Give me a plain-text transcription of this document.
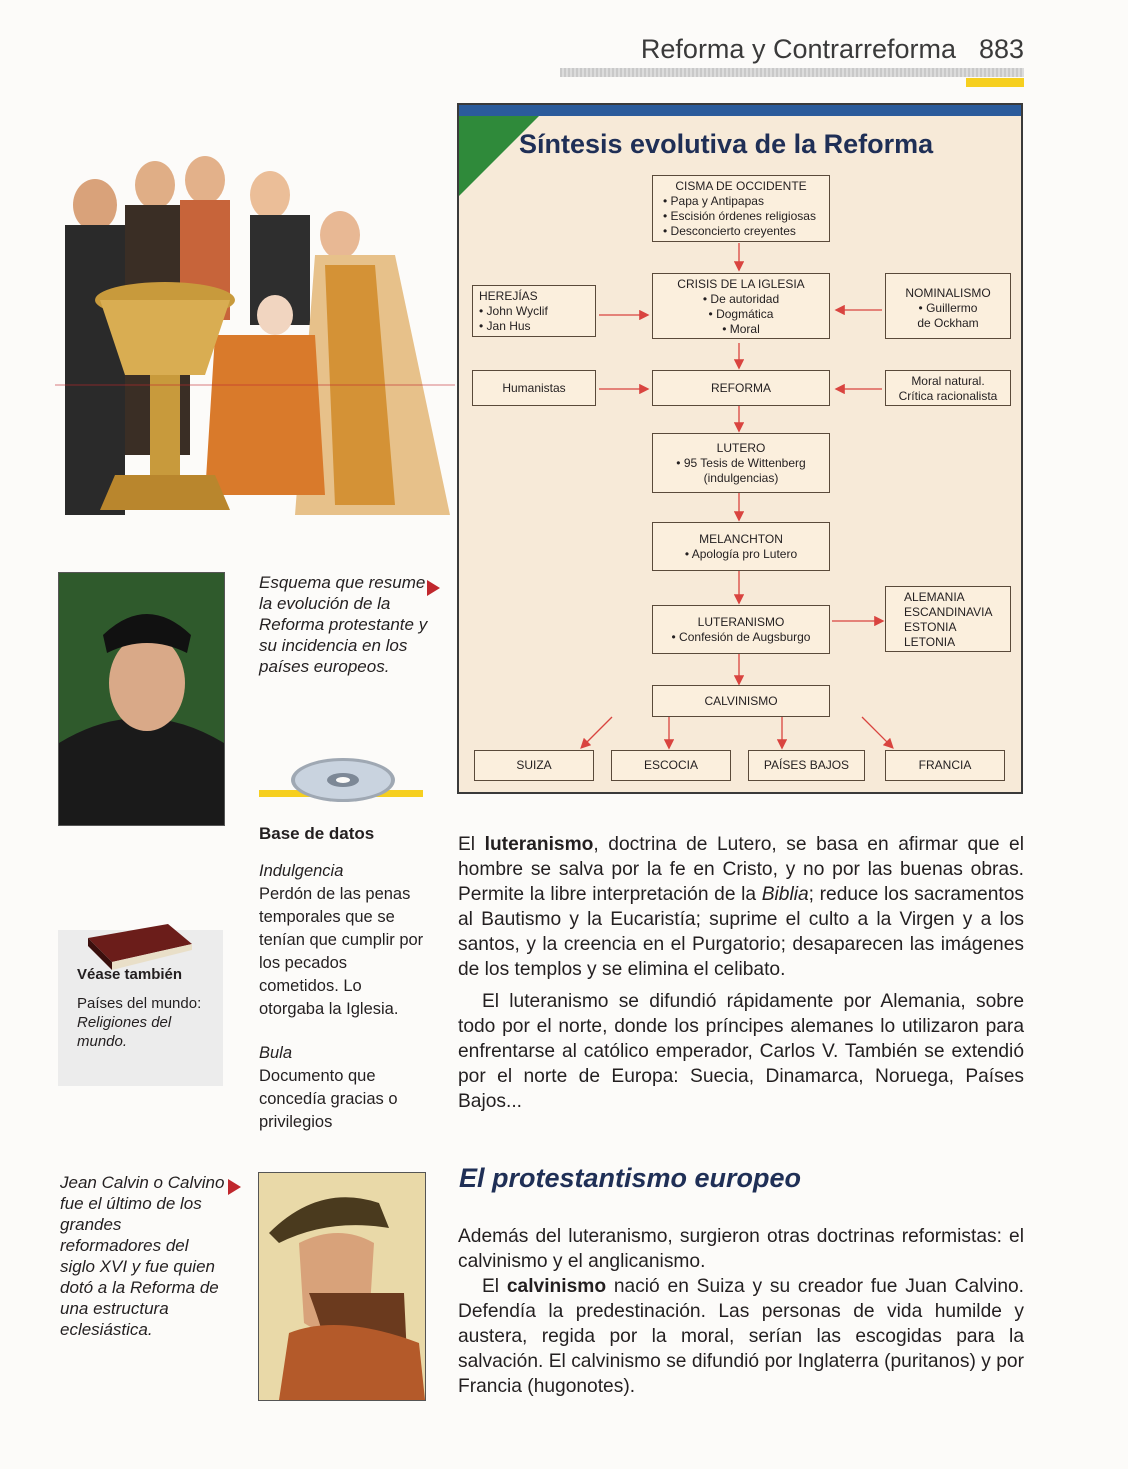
Reforma y Contrarreforma 883
Síntesis evolutiva de la Reforma
CISMA DE OCCIDENTE
• Papa y Antipapas
• Escisión órdenes religiosas
• Desconcierto creyentes
HEREJÍAS
• John Wyclif
• Jan Hus
CRISIS DE LA IGLESIA
• De autoridad
• Dogmática
• Moral
NOMINALISMO
• Guillermo
de Ockham
Humanistas	REFORMA	Moral natural.
Crítica racionalista
LUTERO
• 95 Tesis de Wittenberg
(indulgencias)
MELANCHTON
• Apología pro Lutero
LUTERANISMO
• Confesión de Augsburgo
ALEMANIA
ESCANDINAVIA
ESTONIA
LETONIA
CALVINISMO
SUIZA	ESCOCIA	PAÍSES BAJOS	FRANCIA
Esquema que resume la evolución de la Reforma protestante y su incidencia en los países europeos.
Base de datos
Indulgencia
Perdón de las penas temporales que se tenían que cumplir por los pecados cometidos. Lo otorgaba la Iglesia.
Bula
Documento que concedía gracias o privilegios
Véase también
Países del mundo:
Religiones del mundo.
Jean Calvin o Calvino fue el último de los grandes reformadores del siglo XVI y fue quien dotó a la Reforma de una estructura eclesiástica.

El luteranismo, doctrina de Lutero, se basa en afirmar que el hombre se salva por la fe en Cristo, y no por las buenas obras. Permite la libre interpretación de la Biblia; reduce los sacramentos al Bautismo y la Eucaristía; suprime el culto a la Virgen y a los santos, y la creencia en el Purgatorio; desaparecen las imágenes de los templos y se elimina el celibato.

El luteranismo se difundió rápidamente por Alemania, sobre todo por el norte, donde los príncipes alemanes lo utilizaron para enfrentarse al católico emperador, Carlos V. También se extendió por el norte de Europa: Suecia, Dinamarca, Noruega, Países Bajos...
El protestantismo europeo
Además del luteranismo, surgieron otras doctrinas reformistas: el calvinismo y el anglicanismo.
El calvinismo nació en Suiza y su creador fue Juan Calvino. Defendía la predestinación. Las personas de vida humilde y austera, regida por la moral, serían las escogidas para la salvación. El calvinismo se difundió por Inglaterra (puritanos) y por Francia (hugonotes).
